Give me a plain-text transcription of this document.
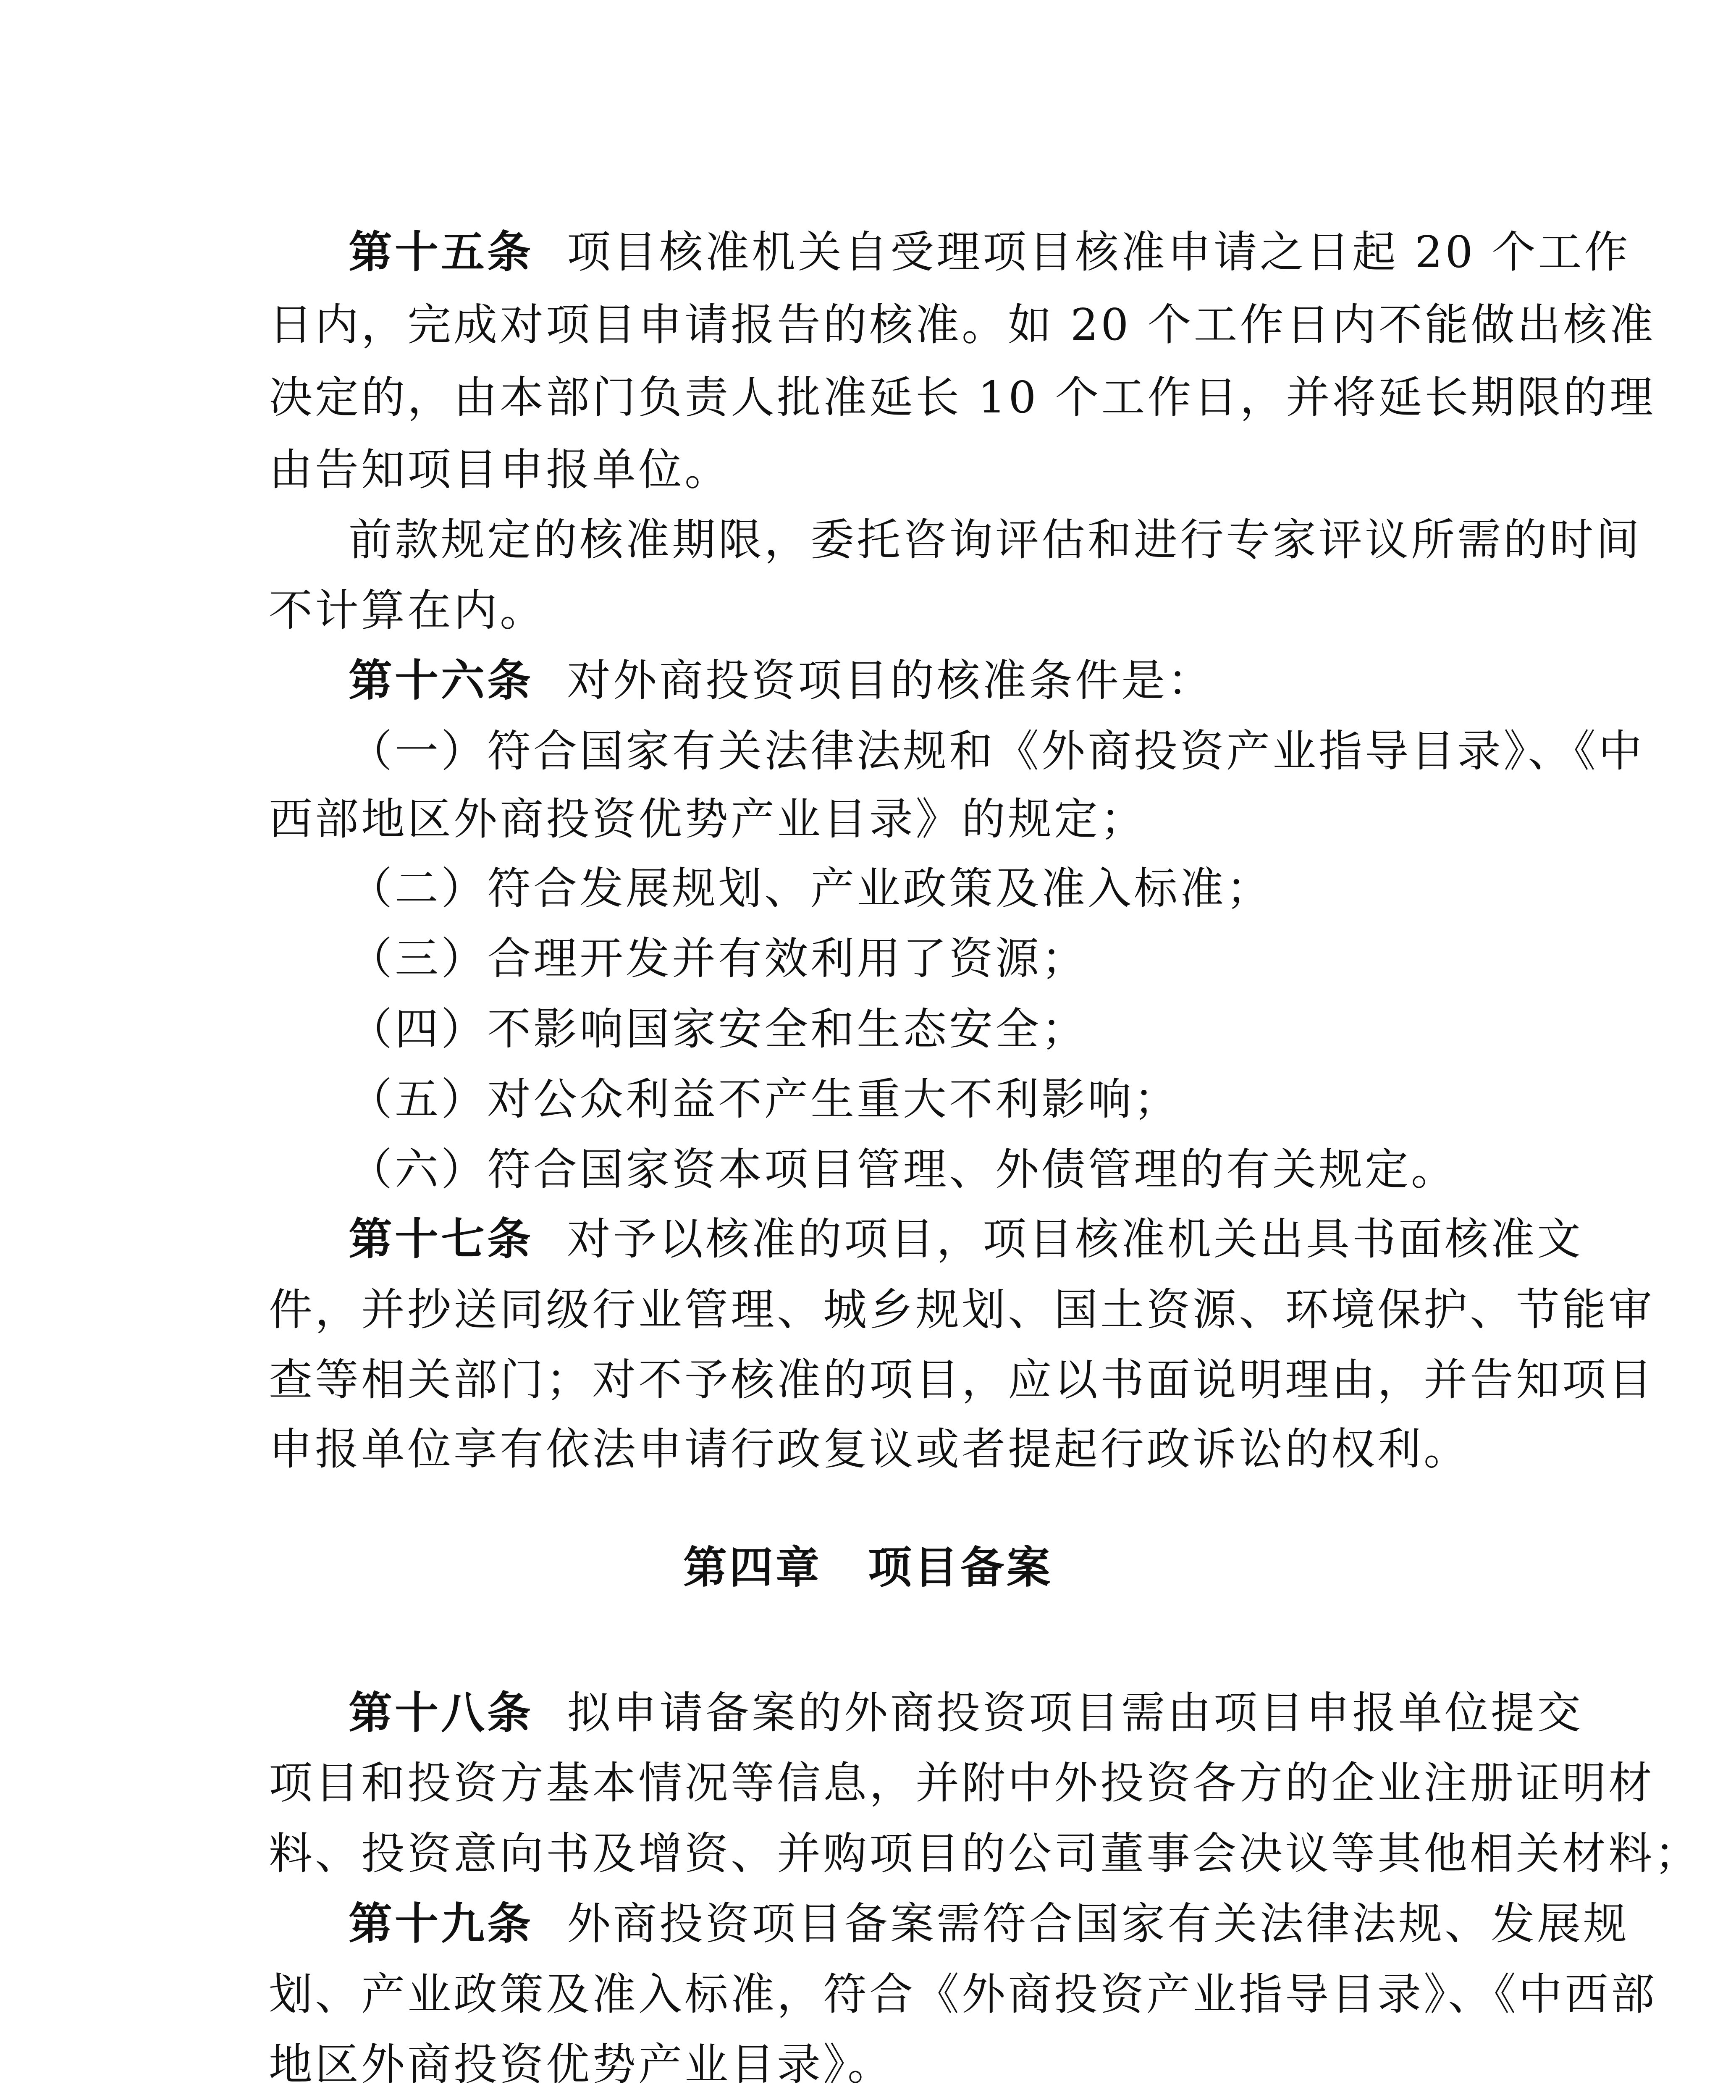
第十五条 项目核准机关自受理项目核准申请之日起 20 个工作
日内，完成对项目申请报告的核准。如 20 个工作日内不能做出核准
决定的，由本部门负责人批准延长 10 个工作日，并将延长期限的理
由告知项目申报单位。
前款规定的核准期限，委托咨询评估和进行专家评议所需的时间
不计算在内。
第十六条 对外商投资项目的核准条件是：
（一）符合国家有关法律法规和《外商投资产业指导目录》、《中
西部地区外商投资优势产业目录》的规定；
（二）符合发展规划、产业政策及准入标准；
（三）合理开发并有效利用了资源；
（四）不影响国家安全和生态安全；
（五）对公众利益不产生重大不利影响；
（六）符合国家资本项目管理、外债管理的有关规定。
第十七条 对予以核准的项目，项目核准机关出具书面核准文
件，并抄送同级行业管理、城乡规划、国土资源、环境保护、节能审
查等相关部门；对不予核准的项目，应以书面说明理由，并告知项目
申报单位享有依法申请行政复议或者提起行政诉讼的权利。
第四章 项目备案
第十八条 拟申请备案的外商投资项目需由项目申报单位提交
项目和投资方基本情况等信息，并附中外投资各方的企业注册证明材
料、投资意向书及增资、并购项目的公司董事会决议等其他相关材料；
第十九条 外商投资项目备案需符合国家有关法律法规、发展规
划、产业政策及准入标准，符合《外商投资产业指导目录》、《中西部
地区外商投资优势产业目录》。
